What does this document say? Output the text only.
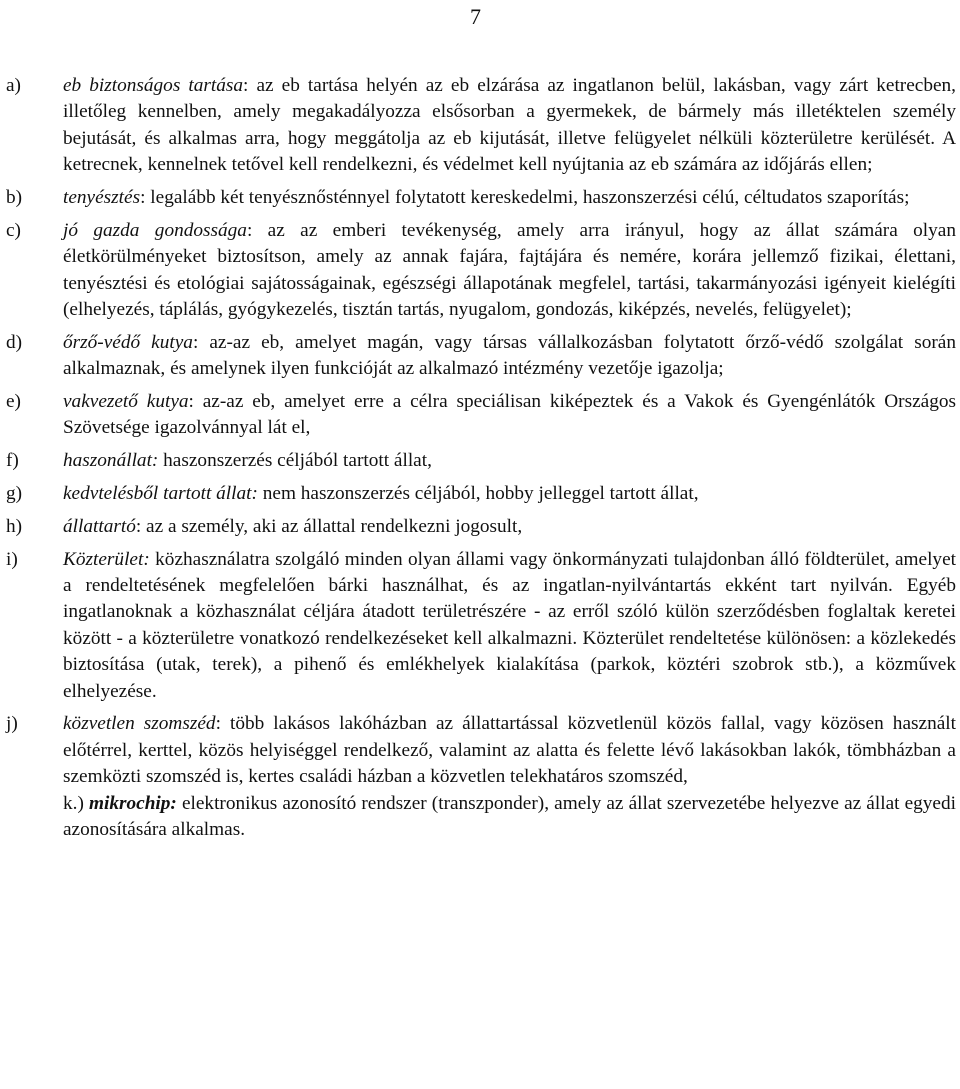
7
a) eb biztonságos tartása: az eb tartása helyén az eb elzárása az ingatlanon belül, lakásban, vagy zárt ketrecben, illetőleg kennelben, amely megakadályozza elsősorban a gyermekek, de bármely más illetéktelen személy bejutását, és alkalmas arra, hogy meggátolja az eb kijutását, illetve felügyelet nélküli közterületre kerülését. A ketrecnek, kennelnek tetővel kell rendelkezni, és védelmet kell nyújtania az eb számára az időjárás ellen;
b) tenyésztés: legalább két tenyésznősténnyel folytatott kereskedelmi, haszonszerzési célú, céltudatos szaporítás;
c) jó gazda gondossága: az az emberi tevékenység, amely arra irányul, hogy az állat számára olyan életkörülményeket biztosítson, amely az annak fajára, fajtájára és nemére, korára jellemző fizikai, élettani, tenyésztési és etológiai sajátosságainak, egészségi állapotának megfelel, tartási, takarmányozási igényeit kielégíti (elhelyezés, táplálás, gyógykezelés, tisztán tartás, nyugalom, gondozás, kiképzés, nevelés, felügyelet);
d) őrző-védő kutya: az-az eb, amelyet magán, vagy társas vállalkozásban folytatott őrző-védő szolgálat során alkalmaznak, és amelynek ilyen funkcióját az alkalmazó intézmény vezetője igazolja;
e) vakvezető kutya: az-az eb, amelyet erre a célra speciálisan kiképeztek és a Vakok és Gyengénlátók Országos Szövetsége igazolvánnyal lát el,
f) haszonállat: haszonszerzés céljából tartott állat,
g) kedvtelésből tartott állat: nem haszonszerzés céljából, hobby jelleggel tartott állat,
h) állattartó: az a személy, aki az állattal rendelkezni jogosult,
i) Közterület: közhasználatra szolgáló minden olyan állami vagy önkormányzati tulajdonban álló földterület, amelyet a rendeltetésének megfelelően bárki használhat, és az ingatlan-nyilvántartás ekként tart nyilván. Egyéb ingatlanoknak a közhasználat céljára átadott területrészére - az erről szóló külön szerződésben foglaltak keretei között - a közterületre vonatkozó rendelkezéseket kell alkalmazni. Közterület rendeltetése különösen: a közlekedés biztosítása (utak, terek), a pihenő és emlékhelyek kialakítása (parkok, köztéri szobrok stb.), a közművek elhelyezése.
j) közvetlen szomszéd: több lakásos lakóházban az állattartással közvetlenül közös fallal, vagy közösen használt előtérrel, kerttel, közös helyiséggel rendelkező, valamint az alatta és felette lévő lakásokban lakók, tömbházban a szemközti szomszéd is, kertes családi házban a közvetlen telekhatáros szomszéd,
k.) mikrochip: elektronikus azonosító rendszer (transzponder), amely az állat szervezetébe helyezve az állat egyedi azonosítására alkalmas.
